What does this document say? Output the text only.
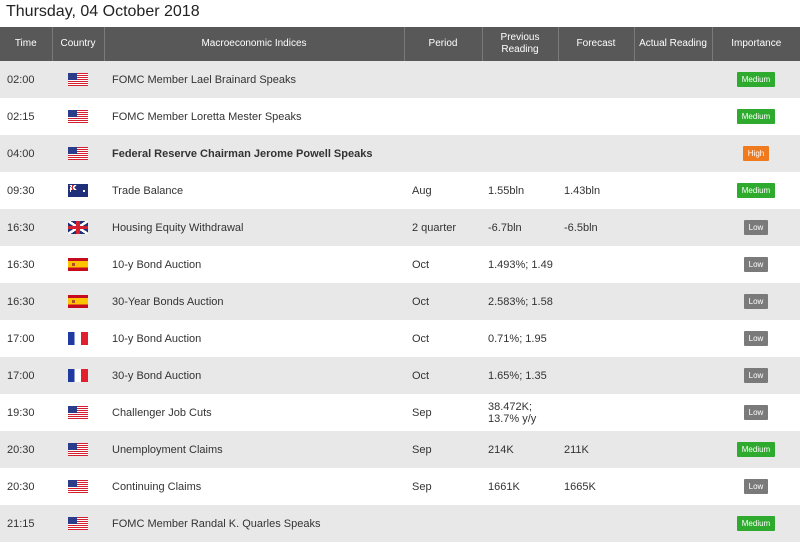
Thursday, 04 October 2018
Time	Country	Macroeconomic Indices	Period	Previous Reading	Forecast	Actual Reading	Importance
02:00		FOMC Member Lael Brainard Speaks					Medium
02:15		FOMC Member Loretta Mester Speaks					Medium
04:00		Federal Reserve Chairman Jerome Powell Speaks					High
09:30		Trade Balance	Aug	1.55bln	1.43bln		Medium
16:30		Housing Equity Withdrawal	2 quarter	-6.7bln	-6.5bln		Low
16:30		10-y Bond Auction	Oct	1.493%; 1.49			Low
16:30		30-Year Bonds Auction	Oct	2.583%; 1.58			Low
17:00		10-y Bond Auction	Oct	0.71%; 1.95			Low
17:00		30-y Bond Auction	Oct	1.65%; 1.35			Low
19:30		Challenger Job Cuts	Sep	38.472K; 13.7% y/y			Low
20:30		Unemployment Claims	Sep	214K	211K		Medium
20:30		Continuing Claims	Sep	1661K	1665K		Low
21:15		FOMC Member Randal K. Quarles Speaks					Medium
